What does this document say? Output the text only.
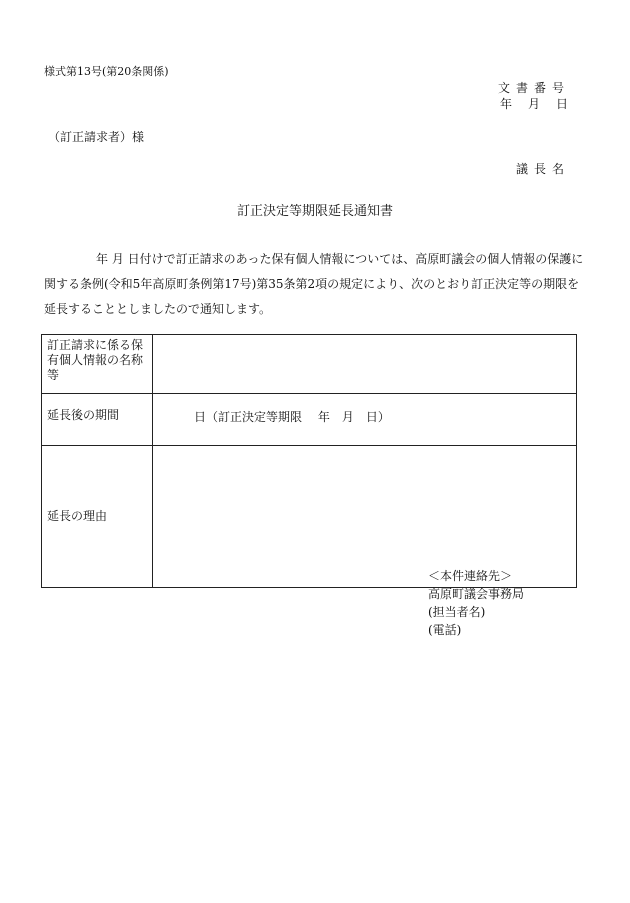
様式第13号(第20条関係)
文書番号
年　月　日
（訂正請求者）様
議長名
訂正決定等期限延長通知書
年 月 日付けで訂正請求のあった保有個人情報については、高原町議会の個人情報の保護に
関する条例(令和5年高原町条例第17号)第35条第2項の規定により、次のとおり訂正決定等の期限を
延長することとしましたので通知します。
訂正請求に係る保有個人情報の名称等	
延長後の期間	日（訂正決定等期限　 年　月　日）
延長の理由	
＜本件連絡先＞
高原町議会事務局
(担当者名)
(電話)
